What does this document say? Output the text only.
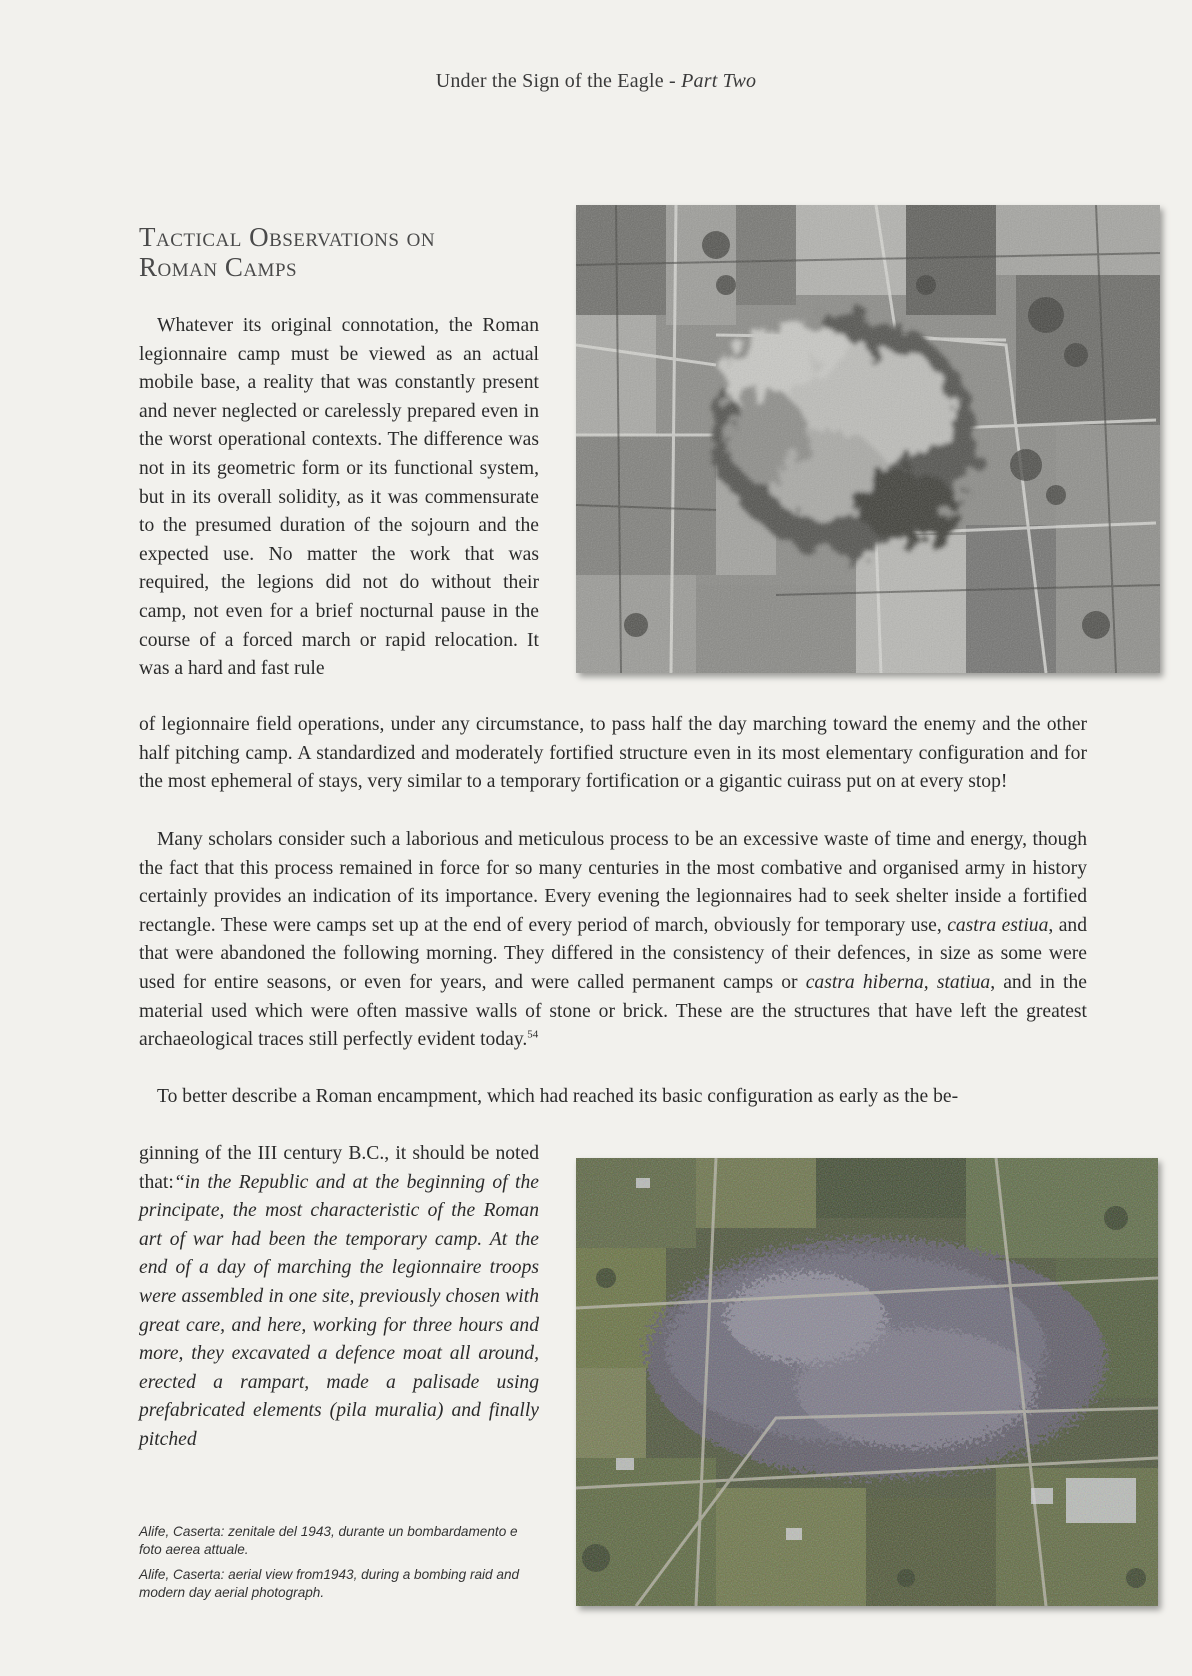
Under the Sign of the Eagle - Part Two
Tactical Observations on
Roman Camps

Whatever its original connotation, the Roman legionnaire camp must be viewed as an actual mobile base, a reality that was constantly present and never neglected or carelessly prepared even in the worst operational contexts. The difference was not in its geometric form or its functional system, but in its overall solidity, as it was commensurate to the presumed duration of the sojourn and the expected use. No matter the work that was required, the legions did not do without their camp, not even for a brief nocturnal pause in the course of a forced march or rapid relocation. It was a hard and fast rule

of legionnaire field operations, under any circumstance, to pass half the day marching toward the enemy and the other half pitching camp. A standardized and moderately fortified structure even in its most elementary configuration and for the most ephemeral of stays, very similar to a temporary fortification or a gigantic cuirass put on at every stop!

Many scholars consider such a laborious and meticulous process to be an excessive waste of time and energy, though the fact that this process remained in force for so many centuries in the most combative and organised army in history certainly provides an indication of its importance. Every evening the legionnaires had to seek shelter inside a fortified rectangle. These were camps set up at the end of every period of march, obviously for temporary use, castra estiua, and that were abandoned the following morning. They differed in the consistency of their defences, in size as some were used for entire seasons, or even for years, and were called permanent camps or castra hiberna, statiua, and in the material used which were often massive walls of stone or brick. These are the structures that have left the greatest archaeological traces still perfectly evident today.$^{54}$

To better describe a Roman encampment, which had reached its basic configuration as early as the be-

ginning of the III century B.C., it should be noted that:“in the Republic and at the beginning of the principate, the most characteristic of the Roman art of war had been the temporary camp. At the end of a day of marching the legionnaire troops were assembled in one site, previously chosen with great care, and here, working for three hours and more, they excavated a defence moat all around, erected a rampart, made a palisade using prefabricated elements (pila muralia) and finally pitched

Alife, Caserta: zenitale del 1943, durante un bombardamento e foto aerea attuale.
Alife, Caserta: aerial view from1943, during a bombing raid and modern day aerial photograph.
